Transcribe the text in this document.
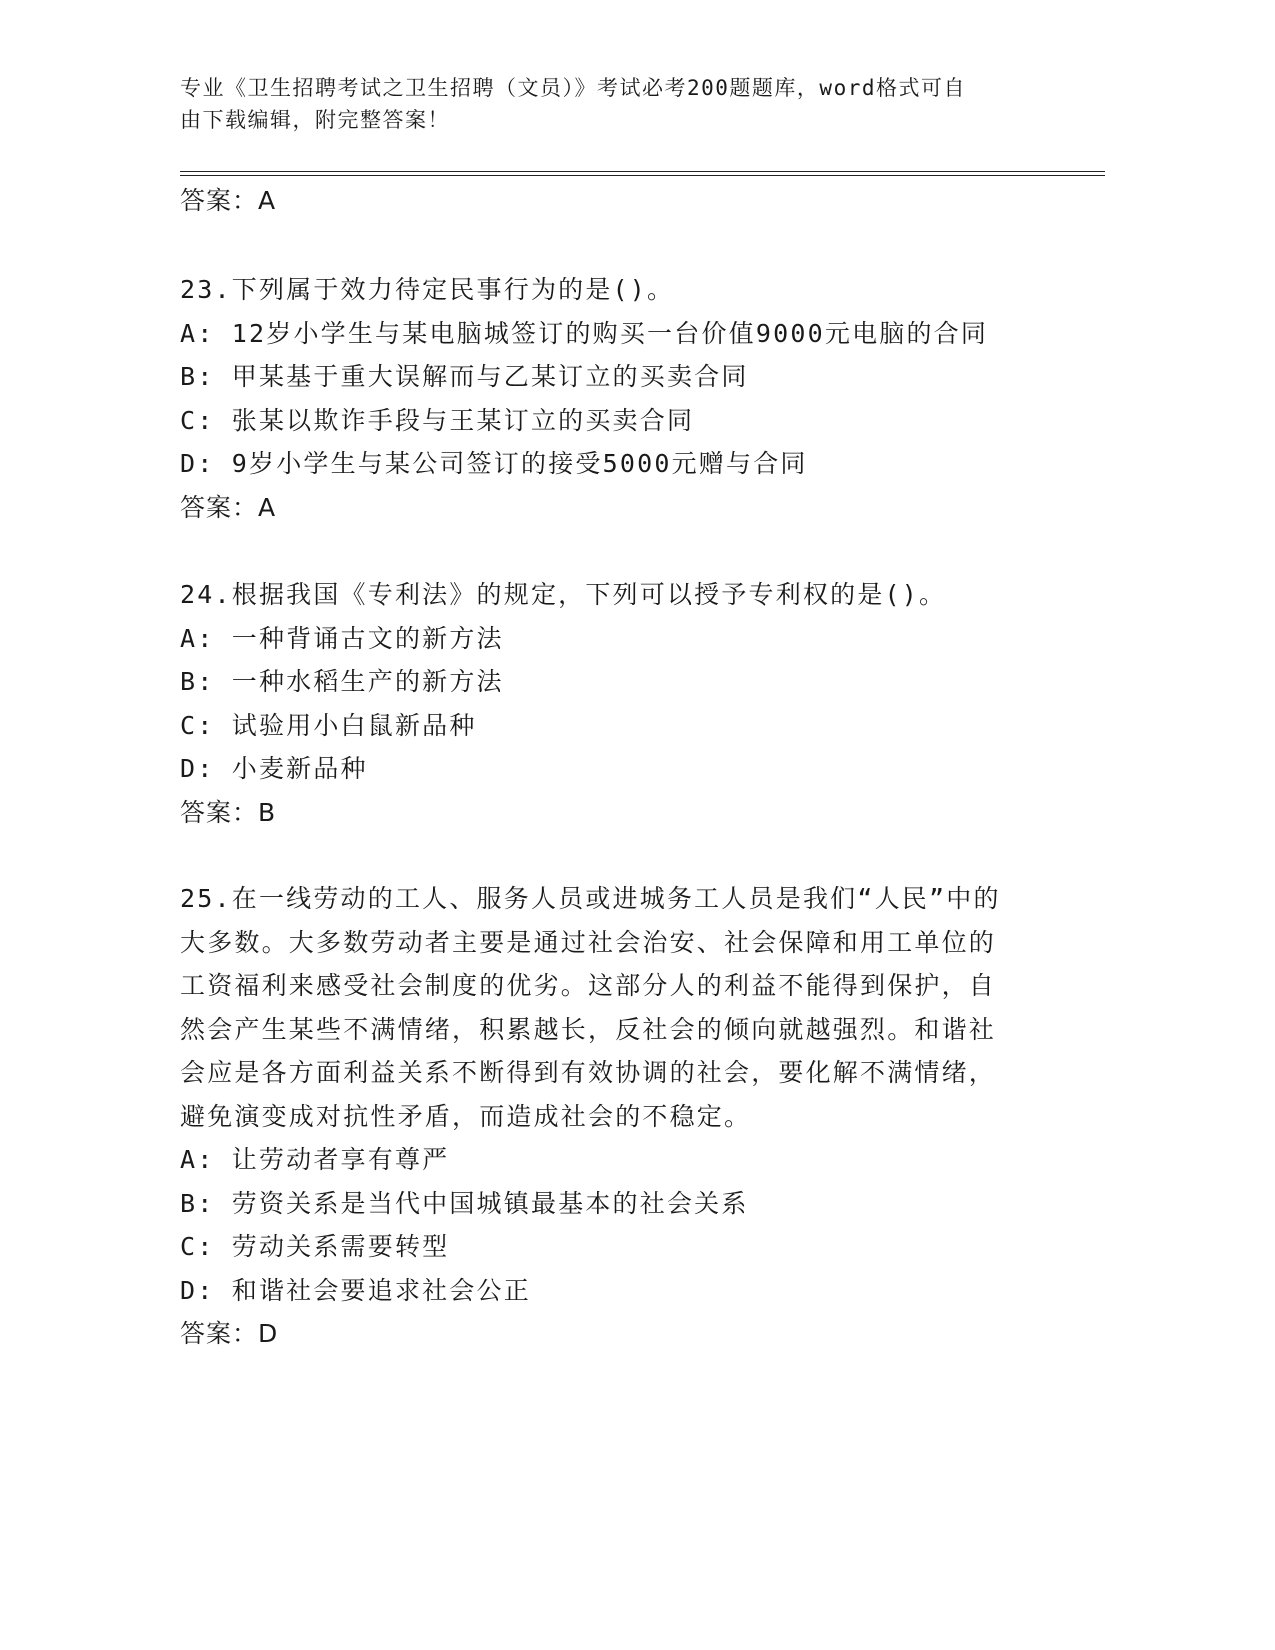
专业《卫生招聘考试之卫生招聘（文员）》考试必考200题题库，word格式可自
由下载编辑，附完整答案！
答案：A
23.下列属于效力待定民事行为的是()。
A: 12岁小学生与某电脑城签订的购买一台价值9000元电脑的合同
B: 甲某基于重大误解而与乙某订立的买卖合同
C: 张某以欺诈手段与王某订立的买卖合同
D: 9岁小学生与某公司签订的接受5000元赠与合同
答案：A
24.根据我国《专利法》的规定，下列可以授予专利权的是()。
A: 一种背诵古文的新方法
B: 一种水稻生产的新方法
C: 试验用小白鼠新品种
D: 小麦新品种
答案：B
25.在一线劳动的工人、服务人员或进城务工人员是我们“人民”中的
大多数。大多数劳动者主要是通过社会治安、社会保障和用工单位的
工资福利来感受社会制度的优劣。这部分人的利益不能得到保护，自
然会产生某些不满情绪，积累越长，反社会的倾向就越强烈。和谐社
会应是各方面利益关系不断得到有效协调的社会，要化解不满情绪，
避免演变成对抗性矛盾，而造成社会的不稳定。
A: 让劳动者享有尊严
B: 劳资关系是当代中国城镇最基本的社会关系
C: 劳动关系需要转型
D: 和谐社会要追求社会公正
答案：D
